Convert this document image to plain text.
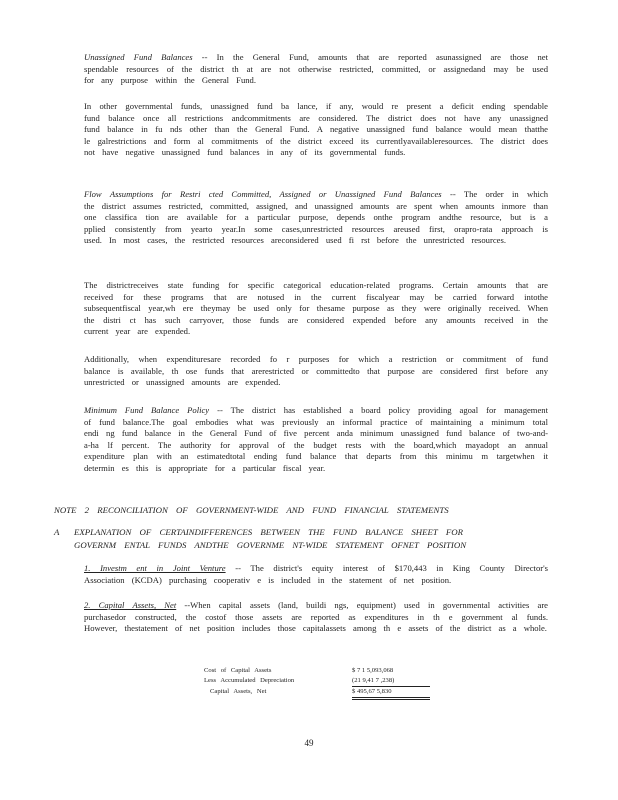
Unassigned Fund Balances -- In the General Fund, amounts that are reported asunassigned are those net spendable resources of the district th at are not otherwise restricted, committed, or assignedand may be used for any purpose within the General Fund.

In other governmental funds, unassigned fund ba lance, if any, would re present a deficit ending spendable fund balance once all restrictions andcommitments are considered. The district does not have any unassigned fund balance in fu nds other than the General Fund. A negative unassigned fund balance would mean thatthe le galrestrictions and form al commitments of the district exceed its currentlyavailableresources. The district does not have negative unassigned fund balances in any of its governmental funds.

Flow Assumptions for Restri cted Committed, Assigned or Unassigned Fund Balances -- The order in which the district assumes restricted, committed, assigned, and unassigned amounts are spent when amounts inmore than one classifica tion are available for a particular purpose, depends onthe program andthe resource, but is a pplied consistently from yearto year.In some cases,unrestricted resources areused first, orapro-rata approach is used. In most cases, the restricted resources areconsidered used fi rst before the unrestricted resources.

The districtreceives state funding for specific categorical education-related programs. Certain amounts that are received for these programs that are notused in the current fiscalyear may be carried forward intothe subsequentfiscal year,wh ere theymay be used only for thesame purpose as they were originally received. When the distri ct has such carryover, those funds are considered expended before any amounts received in the current year are expended.

Additionally, when expendituresare recorded fo r purposes for which a restriction or commitment of fund balance is available, th ose funds that arerestricted or committedto that purpose are considered first before any unrestricted or unassigned amounts are expended.

Minimum Fund Balance Policy -- The district has established a board policy providing agoal for management of fund balance.The goal embodies what was previously an informal practice of maintaining a minimum total endi ng fund balance in the General Fund of five percent anda minimum unassigned fund balance of two-and-a-ha lf percent. The authority for approval of the budget rests with the board,which mayadopt an annual expenditure plan with an estimatedtotal ending fund balance that departs from this minimu m targetwhen it determin es this is appropriate for a particular fiscal year.

NOTE 2 RECONCILIATION OF GOVERNMENT-WIDE AND FUND FINANCIAL STATEMENTS

A EXPLANATION OF CERTAINDIFFERENCES BETWEEN THE FUND BALANCE SHEET FOR

GOVERNM ENTAL FUNDS ANDTHE GOVERNME NT-WIDE STATEMENT OFNET POSITION

1. Investm ent in Joint Venture -- The district's equity interest of $170,443 in King County Director's Association (KCDA) purchasing cooperativ e is included in the statement of net position.

2. Capital Assets, Net --When capital assets (land, buildi ngs, equipment) used in governmental activities are purchasedor constructed, the costof those assets are reported as expenditures in th e government al funds. However, thestatement of net position includes those capitalassets among th e assets of the district as a whole.

Cost of Capital Assets	$ 7 1 5,093,068
Less Accumulated Depreciation	(21 9,41 7 ,238)
Capital Assets, Net	$ 495,67 5,830
49
